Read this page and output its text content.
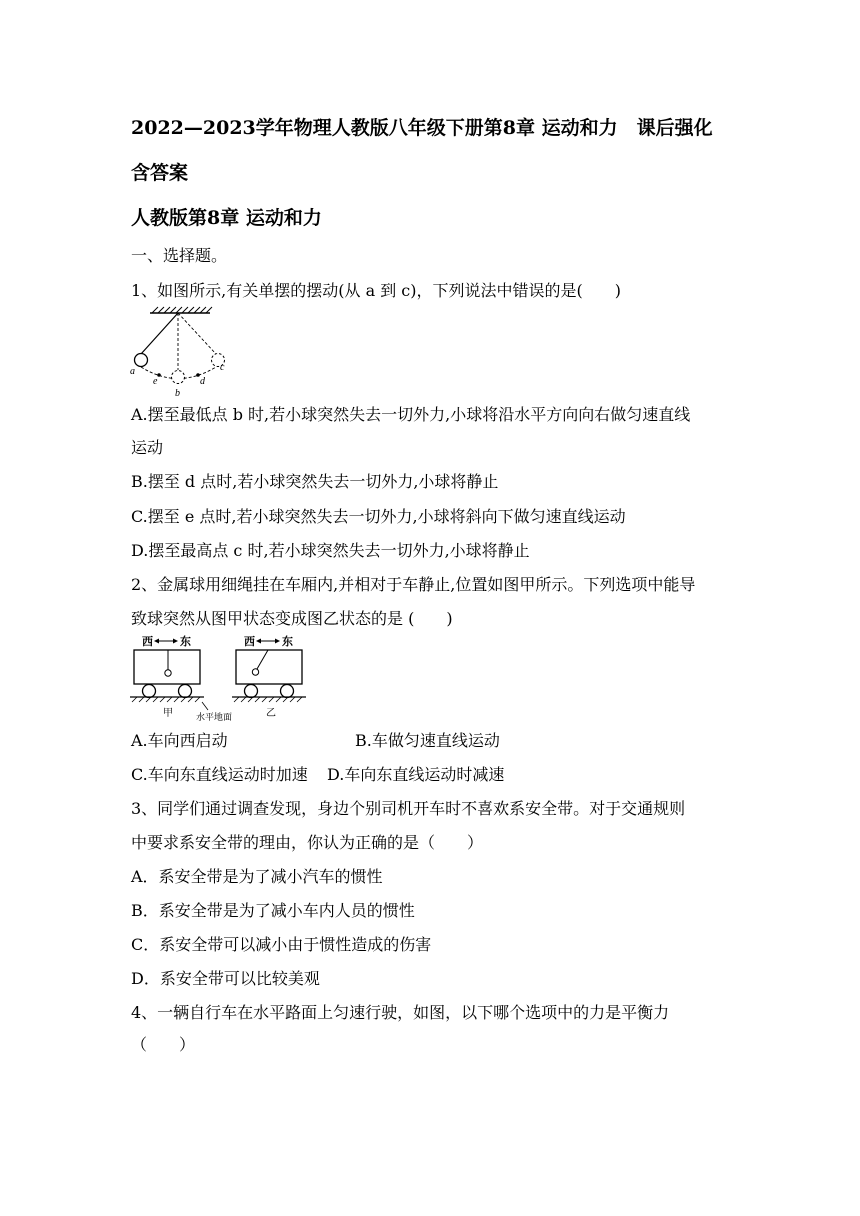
2022—2023学年物理人教版八年级下册第8章 运动和力　课后强化
含答案
人教版第8章 运动和力
一、选择题。
1、如图所示,有关单摆的摆动(从 a 到 c)，下列说法中错误的是(　　)
a
e
b
d
c
A.摆至最低点 b 时,若小球突然失去一切外力,小球将沿水平方向向右做匀速直线
运动
B.摆至 d 点时,若小球突然失去一切外力,小球将静止
C.摆至 e 点时,若小球突然失去一切外力,小球将斜向下做匀速直线运动
D.摆至最高点 c 时,若小球突然失去一切外力,小球将静止
2、金属球用细绳挂在车厢内,并相对于车静止,位置如图甲所示。下列选项中能导
致球突然从图甲状态变成图乙状态的是 (　　)
西 东
甲
西 东
乙
水平地面
A.车向西启动	B.车做匀速直线运动
C.车向东直线运动时加速 D.车向东直线运动时减速
3、同学们通过调查发现，身边个别司机开车时不喜欢系安全带。对于交通规则
中要求系安全带的理由，你认为正确的是（　　）
A．系安全带是为了减小汽车的惯性
B．系安全带是为了减小车内人员的惯性
C．系安全带可以减小由于惯性造成的伤害
D．系安全带可以比较美观
4、一辆自行车在水平路面上匀速行驶，如图，以下哪个选项中的力是平衡力
（　　）
